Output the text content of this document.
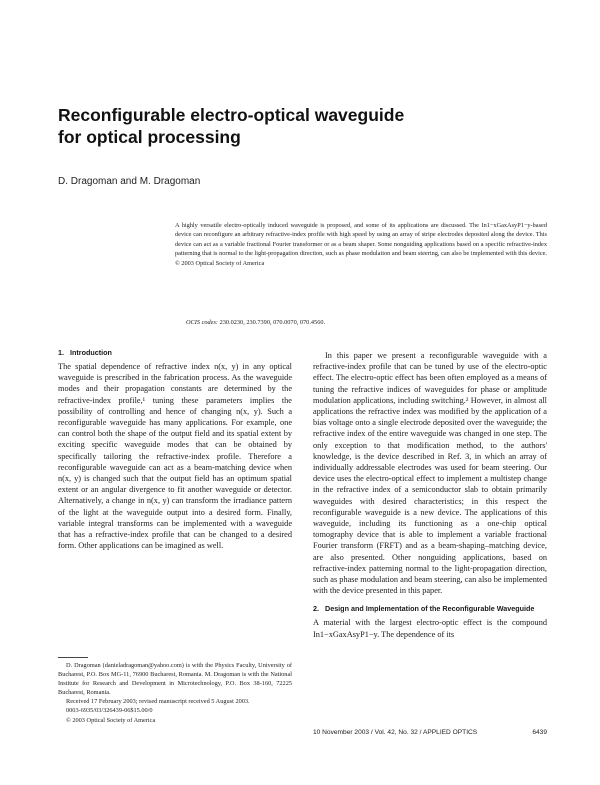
Reconfigurable electro-optical waveguide
for optical processing
D. Dragoman and M. Dragoman
A highly versatile electro-optically induced waveguide is proposed, and some of its applications are discussed. The In1−xGaxAsyP1−y-based device can reconfigure an arbitrary refractive-index profile with high speed by using an array of stripe electrodes deposited along the device. This device can act as a variable fractional Fourier transformer or as a beam shaper. Some nonguiding applications based on a specific refractive-index patterning that is normal to the light-propagation direction, such as phase modulation and beam steering, can also be implemented with this device. © 2003 Optical Society of America
OCIS codes: 230.0230, 230.7390, 070.0070, 070.4560.
1. Introduction
The spatial dependence of refractive index n(x, y) in any optical waveguide is prescribed in the fabrication process. As the waveguide modes and their propagation constants are determined by the refractive-index profile,¹ tuning these parameters implies the possibility of controlling and hence of changing n(x, y). Such a reconfigurable waveguide has many applications. For example, one can control both the shape of the output field and its spatial extent by exciting specific waveguide modes that can be obtained by specifically tailoring the refractive-index profile. Therefore a reconfigurable waveguide can act as a beam-matching device when n(x, y) is changed such that the output field has an optimum spatial extent or an angular divergence to fit another waveguide or detector. Alternatively, a change in n(x, y) can transform the irradiance pattern of the light at the waveguide output into a desired form. Finally, variable integral transforms can be implemented with a waveguide that has a refractive-index profile that can be changed to a desired form. Other applications can be imagined as well.

D. Dragoman (danieladragoman@yahoo.com) is with the Physics Faculty, University of Bucharest, P.O. Box MG-11, 76900 Bucharest, Romania. M. Dragoman is with the National Institute for Research and Development in Microtechnology, P.O. Box 38-160, 72225 Bucharest, Romania.

Received 17 February 2003; revised manuscript received 5 August 2003.

0003-6935/03/326439-06$15.00/0

© 2003 Optical Society of America

In this paper we present a reconfigurable waveguide with a refractive-index profile that can be tuned by use of the electro-optic effect. The electro-optic effect has been often employed as a means of tuning the refractive indices of waveguides for phase or amplitude modulation applications, including switching.² However, in almost all applications the refractive index was modified by the application of a bias voltage onto a single electrode deposited over the waveguide; the refractive index of the entire waveguide was changed in one step. The only exception to that modification method, to the authors' knowledge, is the device described in Ref. 3, in which an array of individually addressable electrodes was used for beam steering. Our device uses the electro-optical effect to implement a multistep change in the refractive index of a semiconductor slab to obtain primarily waveguides with desired characteristics; in this respect the reconfigurable waveguide is a new device. The applications of this waveguide, including its functioning as a one-chip optical tomography device that is able to implement a variable fractional Fourier transform (FRFT) and as a beam-shaping–matching device, are also presented. Other nonguiding applications, based on refractive-index patterning normal to the light-propagation direction, such as phase modulation and beam steering, can also be implemented with the device presented in this paper.
2. Design and Implementation of the Reconfigurable Waveguide
A material with the largest electro-optic effect is the compound In1−xGaxAsyP1−y. The dependence of its
10 November 2003 / Vol. 42, No. 32 / APPLIED OPTICS	6439
